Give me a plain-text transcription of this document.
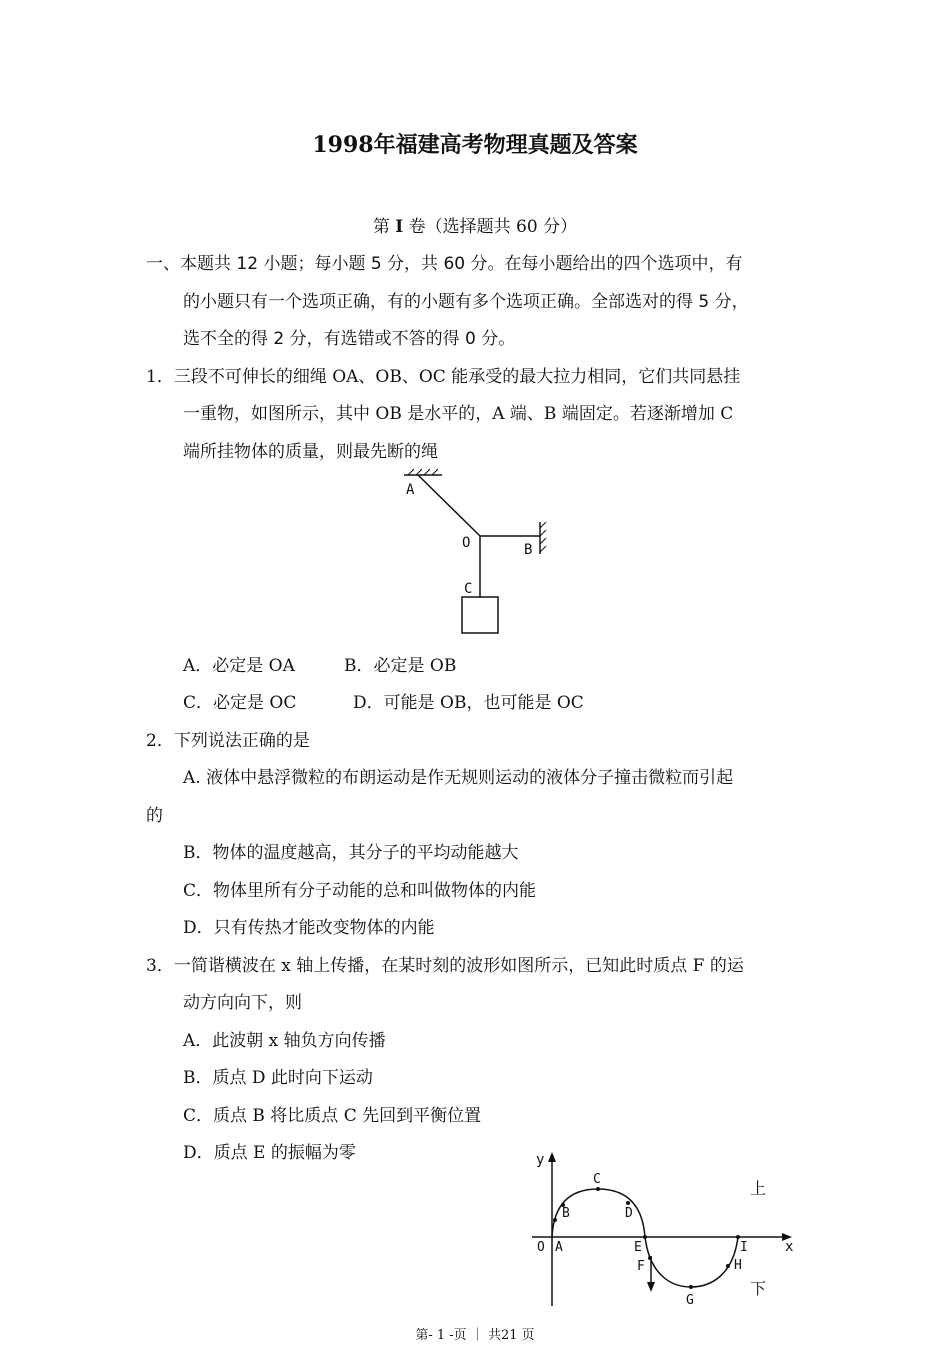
1998年福建高考物理真题及答案
第 I 卷（选择题共 60 分）
一、本题共 12 小题；每小题 5 分，共 60 分。在每小题给出的四个选项中，有
的小题只有一个选项正确，有的小题有多个选项正确。全部选对的得 5 分，
选不全的得 2 分，有选错或不答的得 0 分。
1．三段不可伸长的细绳 OA、OB、OC 能承受的最大拉力相同，它们共同悬挂
一重物，如图所示，其中 OB 是水平的，A 端、B 端固定。若逐渐增加 C
端所挂物体的质量，则最先断的绳
A
O	B
C
A．必定是 OA	B．必定是 OB
C．必定是 OC	D．可能是 OB，也可能是 OC
2．下列说法正确的是
A. 液体中悬浮微粒的布朗运动是作无规则运动的液体分子撞击微粒而引起
的
B．物体的温度越高，其分子的平均动能越大
C．物体里所有分子动能的总和叫做物体的内能
D．只有传热才能改变物体的内能
3．一简谐横波在 x 轴上传播，在某时刻的波形如图所示，已知此时质点 F 的运
动方向向下，则
A．此波朝 x 轴负方向传播
B．质点 D 此时向下运动
C．质点 B 将比质点 C 先回到平衡位置
D．质点 E 的振幅为零	y
x
O A
B
C
D
E
F
G
H
I
上
下
第- 1 -页 ｜ 共21 页
